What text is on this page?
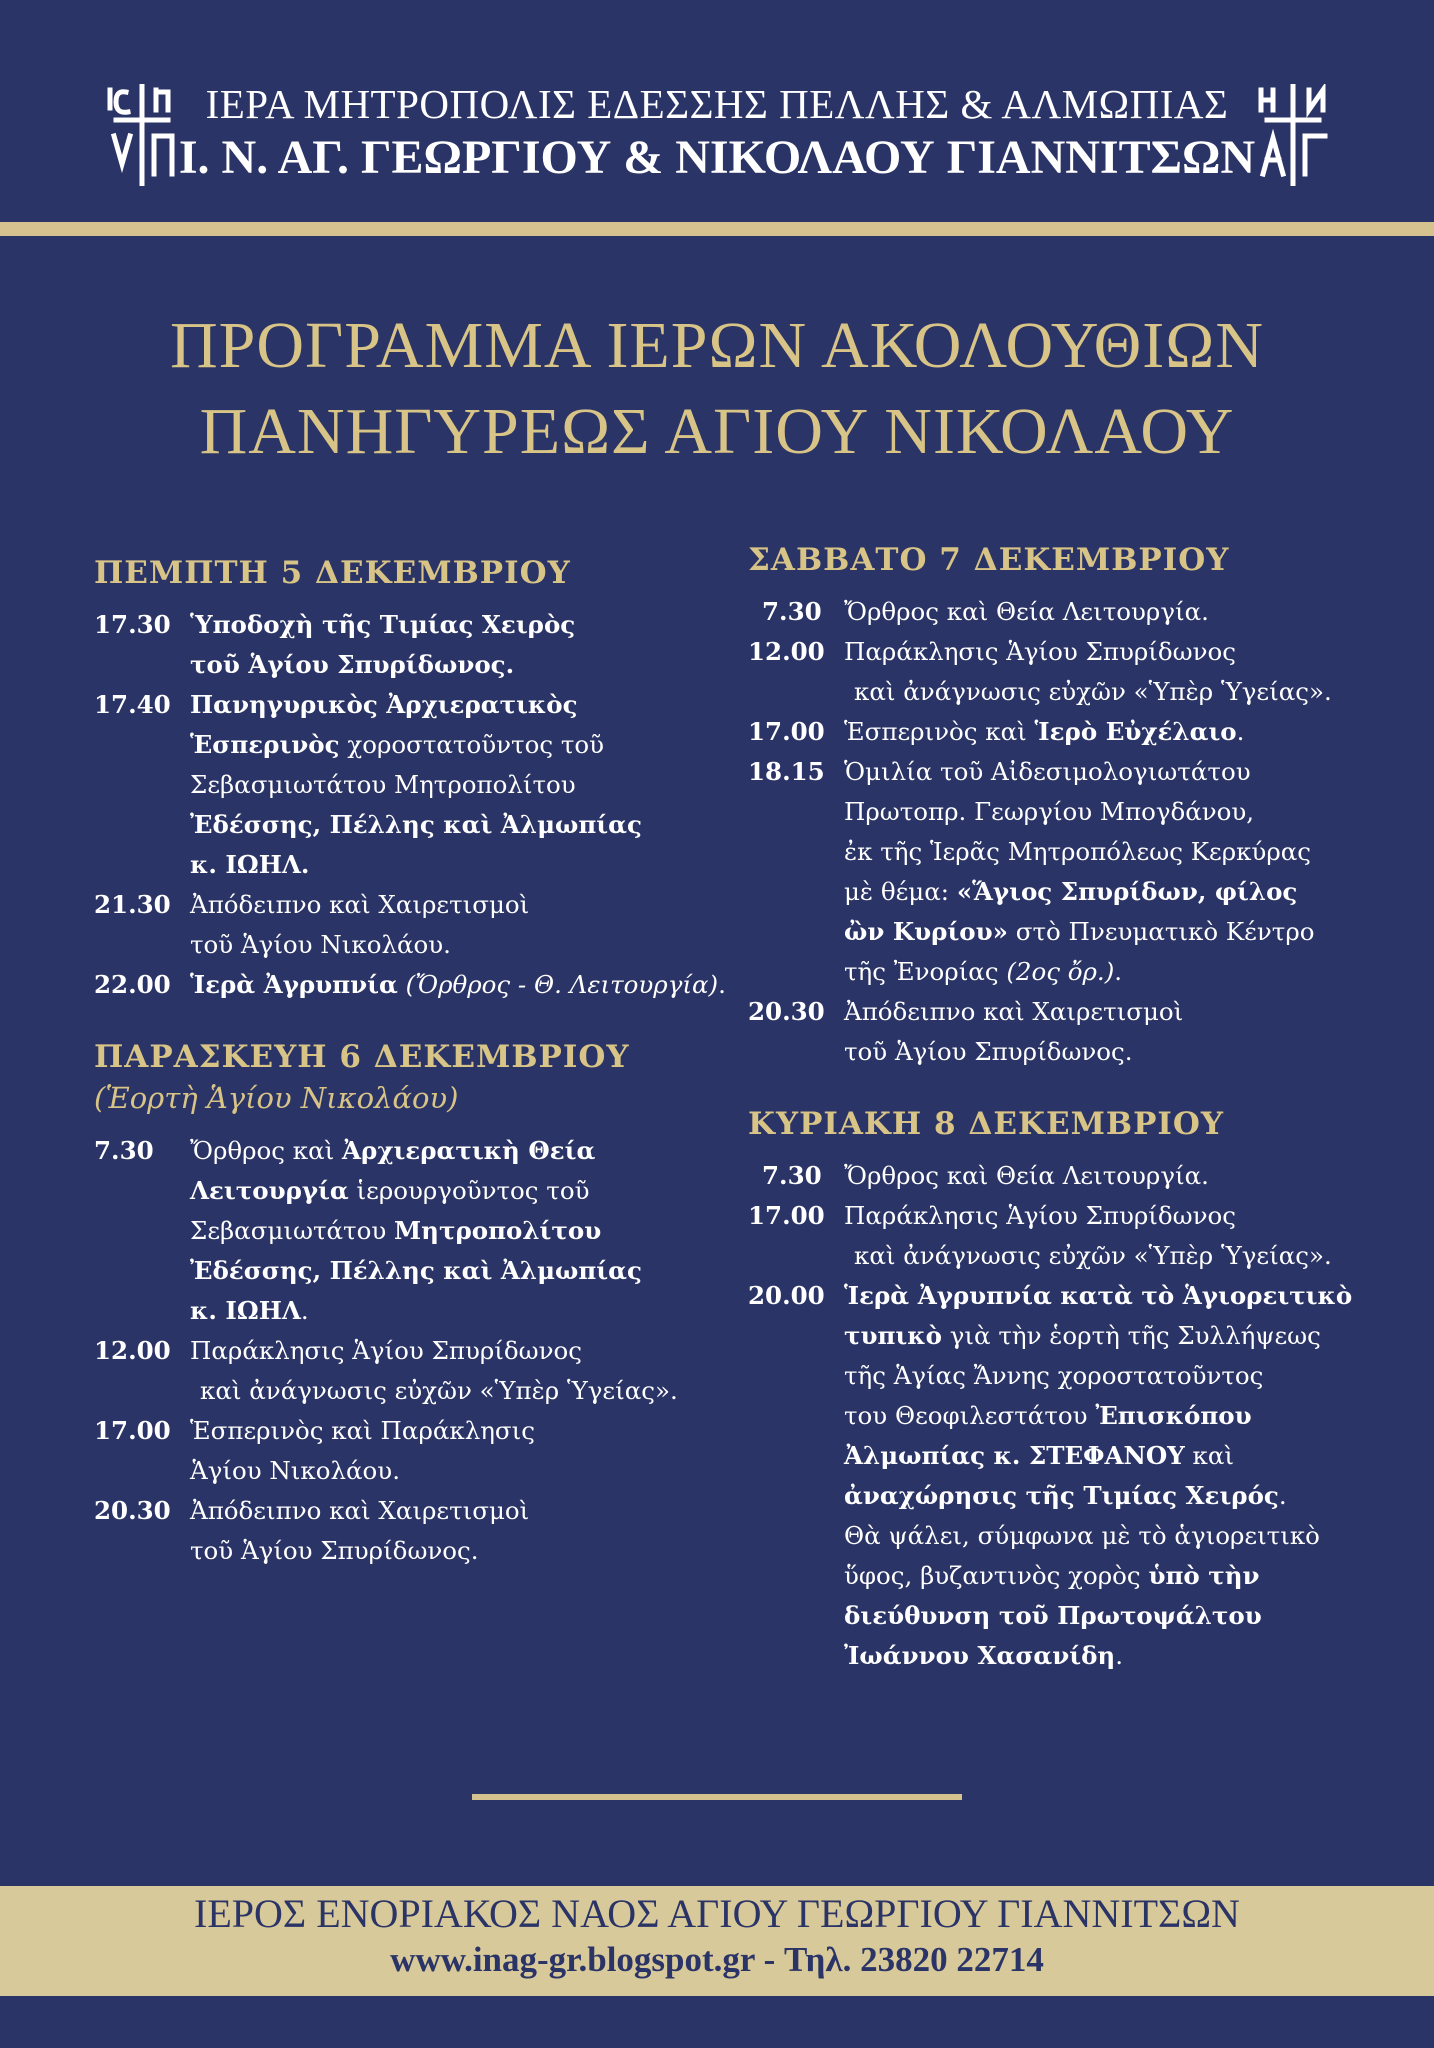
ΙΕΡΑ ΜΗΤΡΟΠΟΛΙΣ ΕΔΕΣΣΗΣ ΠΕΛΛΗΣ & ΑΛΜΩΠΙΑΣ
Ι. Ν. ΑΓ. ΓΕΩΡΓΙΟΥ & ΝΙΚΟΛΑΟΥ ΓΙΑΝΝΙΤΣΩΝ
ΠΡΟΓΡΑΜΜΑ ΙΕΡΩΝ ΑΚΟΛΟΥΘΙΩΝ
ΠΑΝΗΓΥΡΕΩΣ ΑΓΙΟΥ ΝΙΚΟΛΑΟΥ
ΠΕΜΠΤΗ 5 ΔΕΚΕΜΒΡΙΟΥ
17.30 Ὑποδοχὴ τῆς Τιμίας Χειρὸς
τοῦ Ἁγίου Σπυρίδωνος.
17.40 Πανηγυρικὸς Ἀρχιερατικὸς
Ἑσπερινὸς χοροστατοῦντος τοῦ
Σεβασμιωτάτου Μητροπολίτου
Ἐδέσσης, Πέλλης καὶ Ἀλμωπίας
κ. ΙΩΗΛ.
21.30 Ἀπόδειπνο καὶ Χαιρετισμοὶ
τοῦ Ἁγίου Νικολάου.
22.00 Ἱερὰ Ἀγρυπνία (Ὄρθρος - Θ. Λειτουργία).
ΠΑΡΑΣΚΕΥΗ 6 ΔΕΚΕΜΒΡΙΟΥ
(Ἑορτὴ Ἁγίου Νικολάου)
7.30	Ὄρθρος καὶ Ἀρχιερατικὴ Θεία
Λειτουργία ἱερουργοῦντος τοῦ
Σεβασμιωτάτου Μητροπολίτου
Ἐδέσσης, Πέλλης καὶ Ἀλμωπίας
κ. ΙΩΗΛ.
12.00 Παράκλησις Ἁγίου Σπυρίδωνος
καὶ ἀνάγνωσις εὐχῶν «Ὑπὲρ Ὑγείας».
17.00 Ἑσπερινὸς καὶ Παράκλησις
Ἁγίου Νικολάου.
20.30 Ἀπόδειπνο καὶ Χαιρετισμοὶ
τοῦ Ἁγίου Σπυρίδωνος.
ΣΑΒΒΑΤΟ 7 ΔΕΚΕΜΒΡΙΟΥ
7.30 Ὄρθρος καὶ Θεία Λειτουργία.
12.00 Παράκλησις Ἁγίου Σπυρίδωνος
καὶ ἀνάγνωσις εὐχῶν «Ὑπὲρ Ὑγείας».
17.00 Ἑσπερινὸς καὶ Ἱερὸ Εὐχέλαιο.
18.15 Ὁμιλία τοῦ Αἰδεσιμολογιωτάτου
Πρωτοπρ. Γεωργίου Μπογδάνου,
ἐκ τῆς Ἱερᾶς Μητροπόλεως Κερκύρας
μὲ θέμα: «Ἅγιος Σπυρίδων, φίλος
ὢν Κυρίου» στὸ Πνευματικὸ Κέντρο
τῆς Ἐνορίας (2ος ὄρ.).
20.30 Ἀπόδειπνο καὶ Χαιρετισμοὶ
τοῦ Ἁγίου Σπυρίδωνος.
ΚΥΡΙΑΚΗ 8 ΔΕΚΕΜΒΡΙΟΥ
7.30 Ὄρθρος καὶ Θεία Λειτουργία.
17.00 Παράκλησις Ἁγίου Σπυρίδωνος
καὶ ἀνάγνωσις εὐχῶν «Ὑπὲρ Ὑγείας».
20.00 Ἱερὰ Ἀγρυπνία κατὰ τὸ Ἁγιορειτικὸ
τυπικὸ γιὰ τὴν ἑορτὴ τῆς Συλλήψεως
τῆς Ἁγίας Ἄννης χοροστατοῦντος
του Θεοφιλεστάτου Ἐπισκόπου
Ἀλμωπίας κ. ΣΤΕΦΑΝΟΥ καὶ
ἀναχώρησις τῆς Τιμίας Χειρός.
Θὰ ψάλει, σύμφωνα μὲ τὸ ἁγιορειτικὸ
ὕφος, βυζαντινὸς χορὸς ὑπὸ τὴν
διεύθυνση τοῦ Πρωτοψάλτου
Ἰωάννου Χασανίδη.
ΙΕΡΟΣ ΕΝΟΡΙΑΚΟΣ ΝΑΟΣ ΑΓΙΟΥ ΓΕΩΡΓΙΟΥ ΓΙΑΝΝΙΤΣΩΝ
www.inag-gr.blogspot.gr - Τηλ. 23820 22714
